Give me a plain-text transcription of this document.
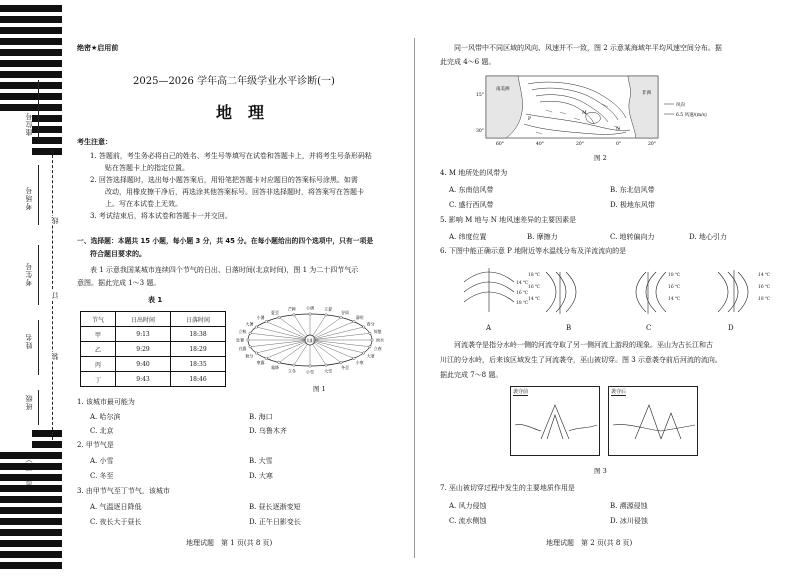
座位号
考场号
考生号
姓名
班级
县（市、区）
线
订
装
绝密★启用前
2025—2026 学年高二年级学业水平诊断(一)
地　理
考生注意：
1. 答题前，考生务必将自己的姓名、考生号等填写在试卷和答题卡上，并将考生号条形码粘
贴在答题卡上的指定位置。
2. 回答选择题时，选出每小题答案后，用铅笔把答题卡对应题目的答案标号涂黑。如需
改动，用橡皮擦干净后，再选涂其他答案标号。回答非选择题时，将答案写在答题卡
上。写在本试卷上无效。
3. 考试结束后，将本试卷和答题卡一并交回。
一、选择题：本题共 15 小题，每小题 3 分，共 45 分。在每小题给出的四个选项中，只有一项是
符合题目要求的。
表 1 示意我国某城市连续四个节气的日出、日落时间(北京时间)，图 1 为二十四节气示
意图。据此完成 1～3 题。
表 1
节气	日出时间	日落时间
甲	9:13	18:38
乙	9:29	18:29
丙	9:40	18:35
丁	9:43	18:46
太阳
小满	立夏
谷雨
清明
春分
惊蛰
雨水
立春
大寒
小寒
冬至
大雪
小雪
立冬
霜降
寒露
秋分
白露
处暑
立秋
大暑
小暑
夏至
芒种
图 1
1. 该城市最可能为
A. 哈尔滨	B. 海口
C. 北京	D. 乌鲁木齐
2. 甲节气是
A. 小雪	B. 大雪
C. 冬至	D. 大寒
3. 由甲节气至丁节气，该城市
A. 气温逐日降低	B. 昼长逐渐变短
C. 夜长大于昼长	D. 正午日影变长
地理试题　第 1 页(共 8 页)
同一风带中不同区域的风向、风速并不一致，图 2 示意某海域年平均风速空间分布。据
此完成 4～6 题。
南美洲
非洲
M
N
P
15°
30°
60°	40°	20°	0°	20°
风向
6.5 风速/(m/s)
图 2
4. M 地所处的风带为
A. 东南信风带	B. 东北信风带
C. 盛行西风带	D. 极地东风带
5. 影响 M 地与 N 地风速差异的主要因素是
A. 纬度位置	B. 摩擦力	C. 地转偏向力	D. 地心引力
6. 下图中能正确示意 P 地附近等水温线分布及洋流流向的是
14 ℃
16 ℃
18 ℃
18 ℃
16 ℃
14 ℃
18 ℃
16 ℃
14 ℃
14 ℃
16 ℃
18 ℃
A	B	C	D
河流袭夺是指分水岭一侧的河流夺取了另一侧河流上游段的现象。巫山为古长江和古
川江的分水岭，后来该区域发生了河流袭夺，巫山被切穿。图 3 示意袭夺前后河流的流向。
据此完成 7～8 题。
袭夺前	袭夺后
图 3
7. 巫山被切穿过程中发生的主要地质作用是
A. 风力侵蚀	B. 溯源侵蚀
C. 流水侧蚀	D. 冰川侵蚀
地理试题　第 2 页(共 8 页)
